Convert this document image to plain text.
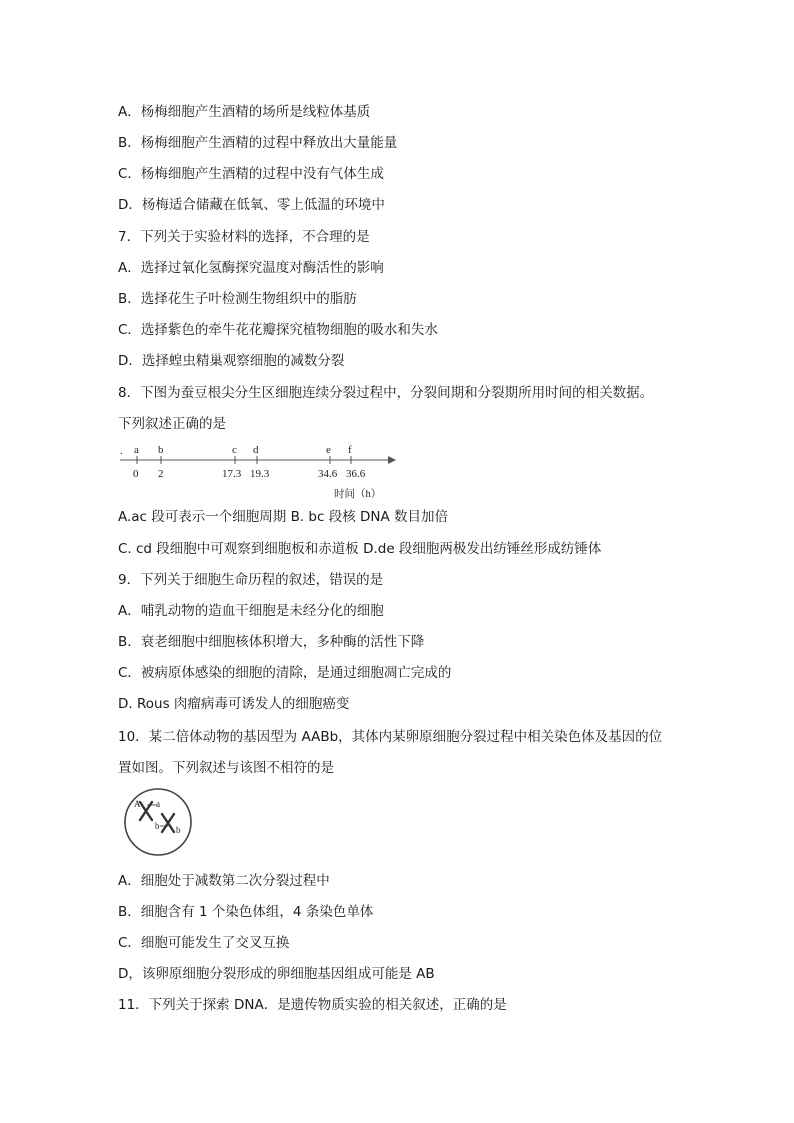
A．杨梅细胞产生酒精的场所是线粒体基质
B．杨梅细胞产生酒精的过程中释放出大量能量
C．杨梅细胞产生酒精的过程中没有气体生成
D．杨梅适合储藏在低氧、零上低温的环境中
7．下列关于实验材料的选择，不合理的是
A．选择过氧化氢酶探究温度对酶活性的影响
B．选择花生子叶检测生物组织中的脂肪
C．选择紫色的牵牛花花瓣探究植物细胞的吸水和失水
D．选择蝗虫精巢观察细胞的减数分裂
8．下图为蚕豆根尖分生区细胞连续分裂过程中，分裂间期和分裂期所用时间的相关数据。
下列叙述正确的是
. a
0
b
2
c
17.3
d
19.3
e
34.6
f
36.6
时间（h）
A.ac 段可表示一个细胞周期 B. bc 段核 DNA 数目加倍
C. cd 段细胞中可观察到细胞板和赤道板 D.de 段细胞两极发出纺锤丝形成纺锤体
9．下列关于细胞生命历程的叙述，错误的是
A．哺乳动物的造血干细胞是未经分化的细胞
B．衰老细胞中细胞核体积增大，多种酶的活性下降
C．被病原体感染的细胞的清除，是通过细胞凋亡完成的
D. Rous 肉瘤病毒可诱发人的细胞癌变
10．某二倍体动物的基因型为 AABb，其体内某卵原细胞分裂过程中相关染色体及基因的位
置如图。下列叙述与该图不相符的是
A a
b b
A．细胞处于减数第二次分裂过程中
B．细胞含有 1 个染色体组，4 条染色单体
C．细胞可能发生了交叉互换
D，该卵原细胞分裂形成的卵细胞基因组成可能是 AB
11．下列关于探索 DNA．是遗传物质实验的相关叙述，正确的是
